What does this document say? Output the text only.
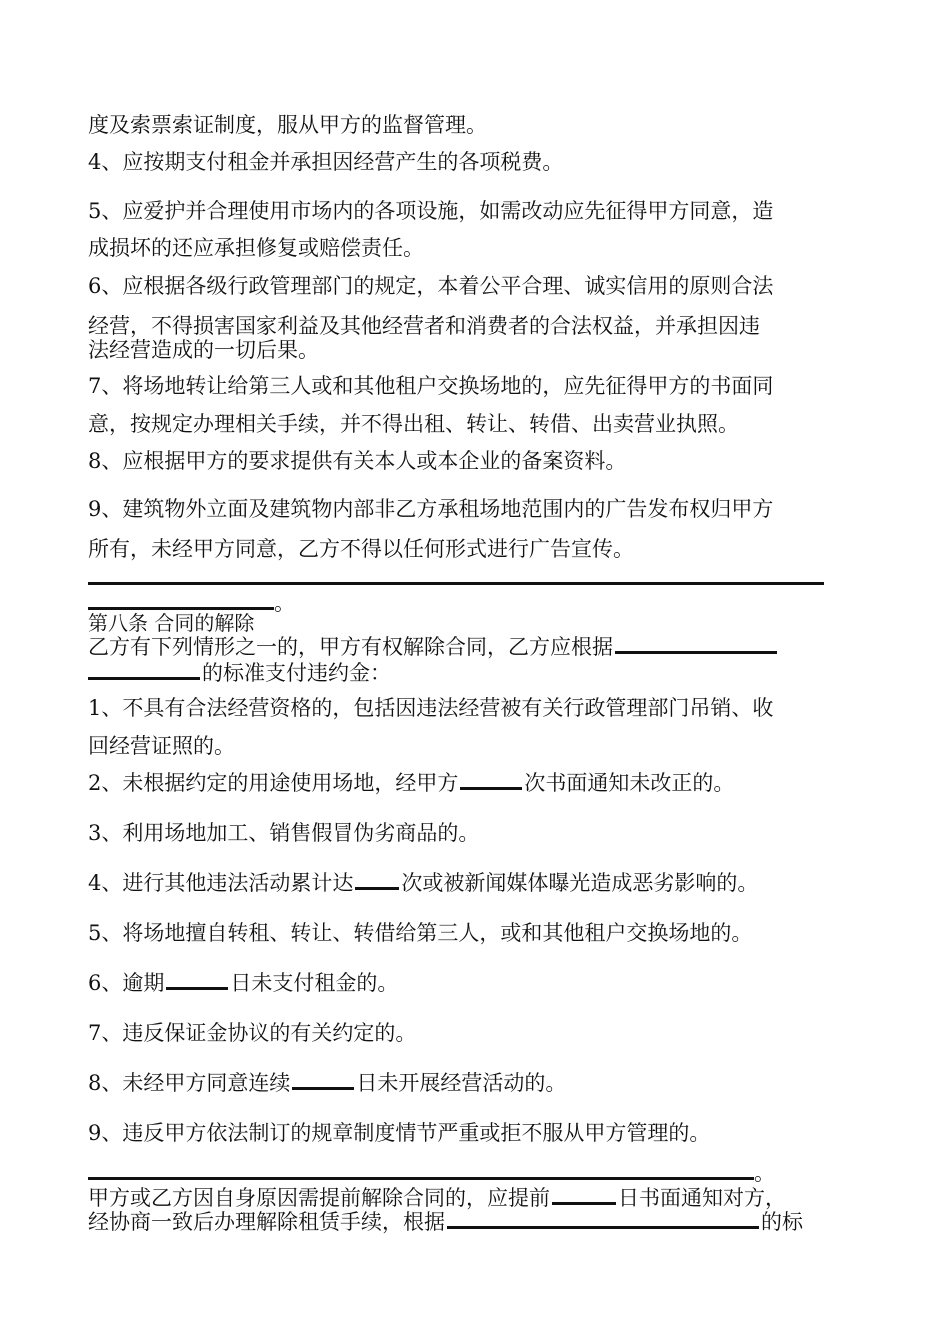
度及索票索证制度，服从甲方的监督管理。
4、应按期支付租金并承担因经营产生的各项税费。
5、应爱护并合理使用市场内的各项设施，如需改动应先征得甲方同意，造
成损坏的还应承担修复或赔偿责任。
6、应根据各级行政管理部门的规定，本着公平合理、诚实信用的原则合法
经营，不得损害国家利益及其他经营者和消费者的合法权益，并承担因违
法经营造成的一切后果。
7、将场地转让给第三人或和其他租户交换场地的，应先征得甲方的书面同
意，按规定办理相关手续，并不得出租、转让、转借、出卖营业执照。
8、应根据甲方的要求提供有关本人或本企业的备案资料。
9、建筑物外立面及建筑物内部非乙方承租场地范围内的广告发布权归甲方
所有，未经甲方同意，乙方不得以任何形式进行广告宣传。
。
第八条 合同的解除
乙方有下列情形之一的，甲方有权解除合同，乙方应根据
的标准支付违约金：
1、不具有合法经营资格的，包括因违法经营被有关行政管理部门吊销、收
回经营证照的。
2、未根据约定的用途使用场地，经甲方	次书面通知未改正的。
3、利用场地加工、销售假冒伪劣商品的。
4、进行其他违法活动累计达 次或被新闻媒体曝光造成恶劣影响的。
5、将场地擅自转租、转让、转借给第三人，或和其他租户交换场地的。
6、逾期	日未支付租金的。
7、违反保证金协议的有关约定的。
8、未经甲方同意连续	日未开展经营活动的。
9、违反甲方依法制订的规章制度情节严重或拒不服从甲方管理的。
。
甲方或乙方因自身原因需提前解除合同的，应提前	日书面通知对方，
经协商一致后办理解除租赁手续，根据	的标
